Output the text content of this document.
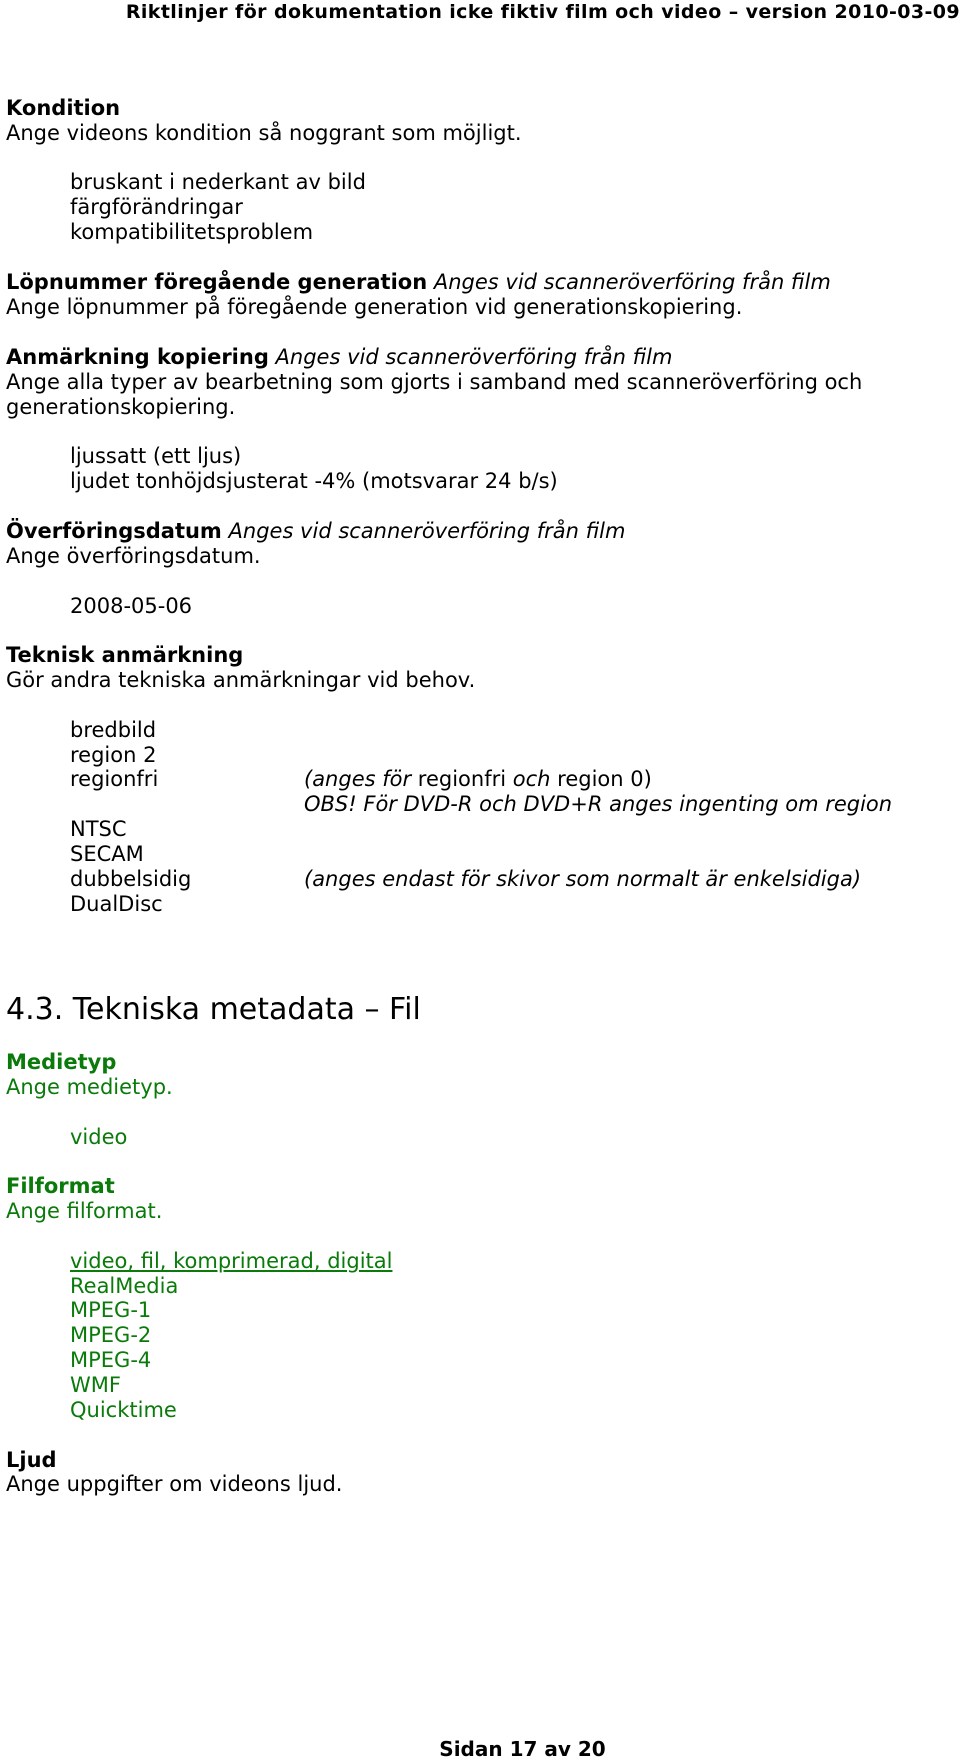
Riktlinjer för dokumentation icke fiktiv film och video – version 2010-03-09
Kondition
Ange videons kondition så noggrant som möjligt.
bruskant i nederkant av bild
färgförändringar
kompatibilitetsproblem
Löpnummer föregående generation Anges vid scanneröverföring från film
Ange löpnummer på föregående generation vid generationskopiering.
Anmärkning kopiering Anges vid scanneröverföring från film
Ange alla typer av bearbetning som gjorts i samband med scanneröverföring och
generationskopiering.
ljussatt (ett ljus)
ljudet tonhöjdsjusterat -4% (motsvarar 24 b/s)
Överföringsdatum Anges vid scanneröverföring från film
Ange överföringsdatum.
2008-05-06
Teknisk anmärkning
Gör andra tekniska anmärkningar vid behov.
bredbild
region 2
regionfri	(anges för regionfri och region 0)
OBS! För DVD-R och DVD+R anges ingenting om region
NTSC
SECAM
dubbelsidig	(anges endast för skivor som normalt är enkelsidiga)
DualDisc
4.3. Tekniska metadata – Fil
Medietyp
Ange medietyp.
video
Filformat
Ange filformat.
video, fil, komprimerad, digital
RealMedia
MPEG-1
MPEG-2
MPEG-4
WMF
Quicktime
Ljud
Ange uppgifter om videons ljud.
Sidan 17 av 20
